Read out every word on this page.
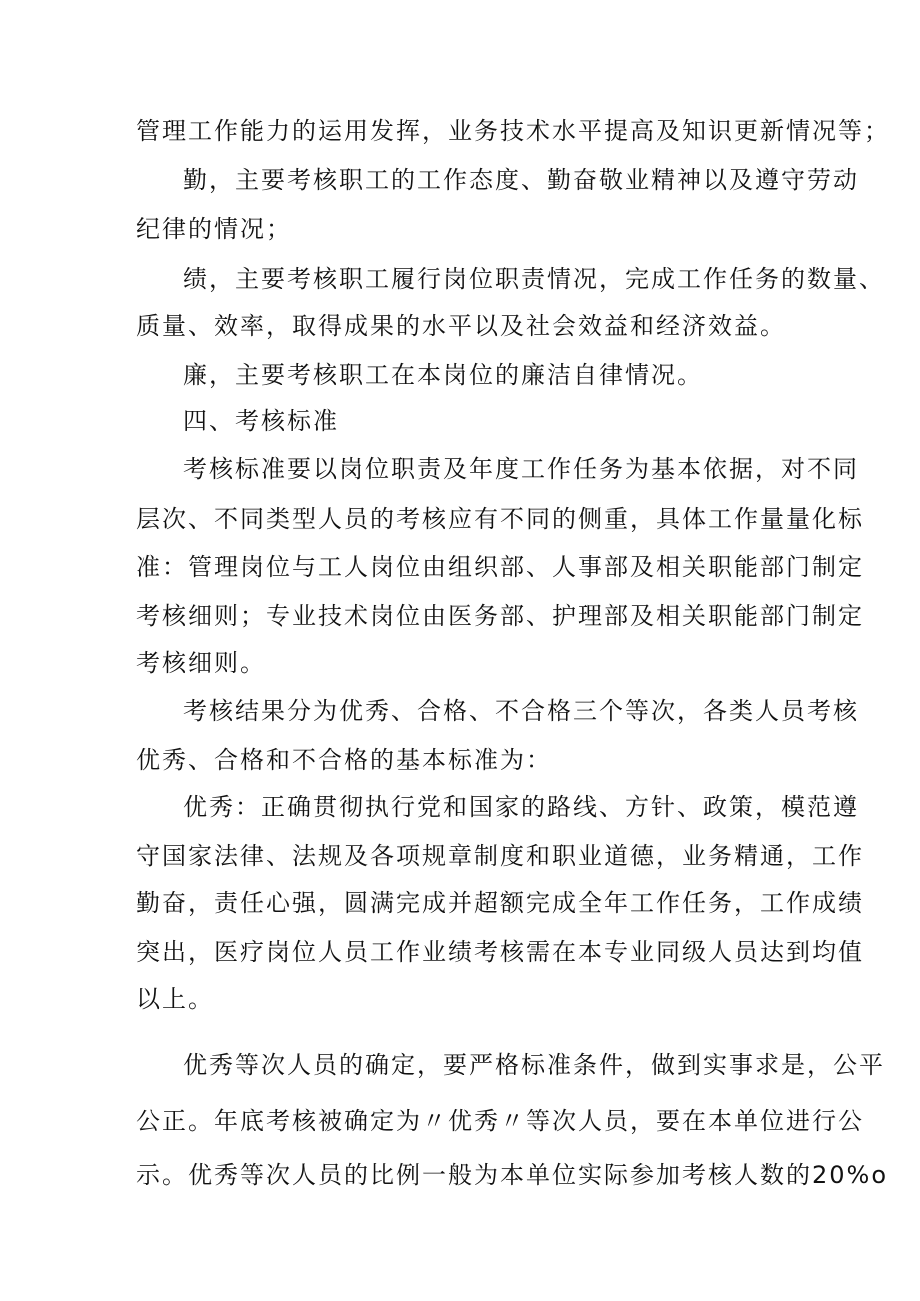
管理工作能力的运用发挥，业务技术水平提高及知识更新情况等；
勤，主要考核职工的工作态度、勤奋敬业精神以及遵守劳动
纪律的情况；
绩，主要考核职工履行岗位职责情况，完成工作任务的数量、
质量、效率，取得成果的水平以及社会效益和经济效益。
廉，主要考核职工在本岗位的廉洁自律情况。
四、考核标准
考核标准要以岗位职责及年度工作任务为基本依据，对不同
层次、不同类型人员的考核应有不同的侧重，具体工作量量化标
准：管理岗位与工人岗位由组织部、人事部及相关职能部门制定
考核细则；专业技术岗位由医务部、护理部及相关职能部门制定
考核细则。
考核结果分为优秀、合格、不合格三个等次，各类人员考核
优秀、合格和不合格的基本标准为：
优秀：正确贯彻执行党和国家的路线、方针、政策，模范遵
守国家法律、法规及各项规章制度和职业道德，业务精通，工作
勤奋，责任心强，圆满完成并超额完成全年工作任务，工作成绩
突出，医疗岗位人员工作业绩考核需在本专业同级人员达到均值
以上。
优秀等次人员的确定，要严格标准条件，做到实事求是，公平
公正。年底考核被确定为〃优秀〃等次人员，要在本单位进行公
示。优秀等次人员的比例一般为本单位实际参加考核人数的20%o
